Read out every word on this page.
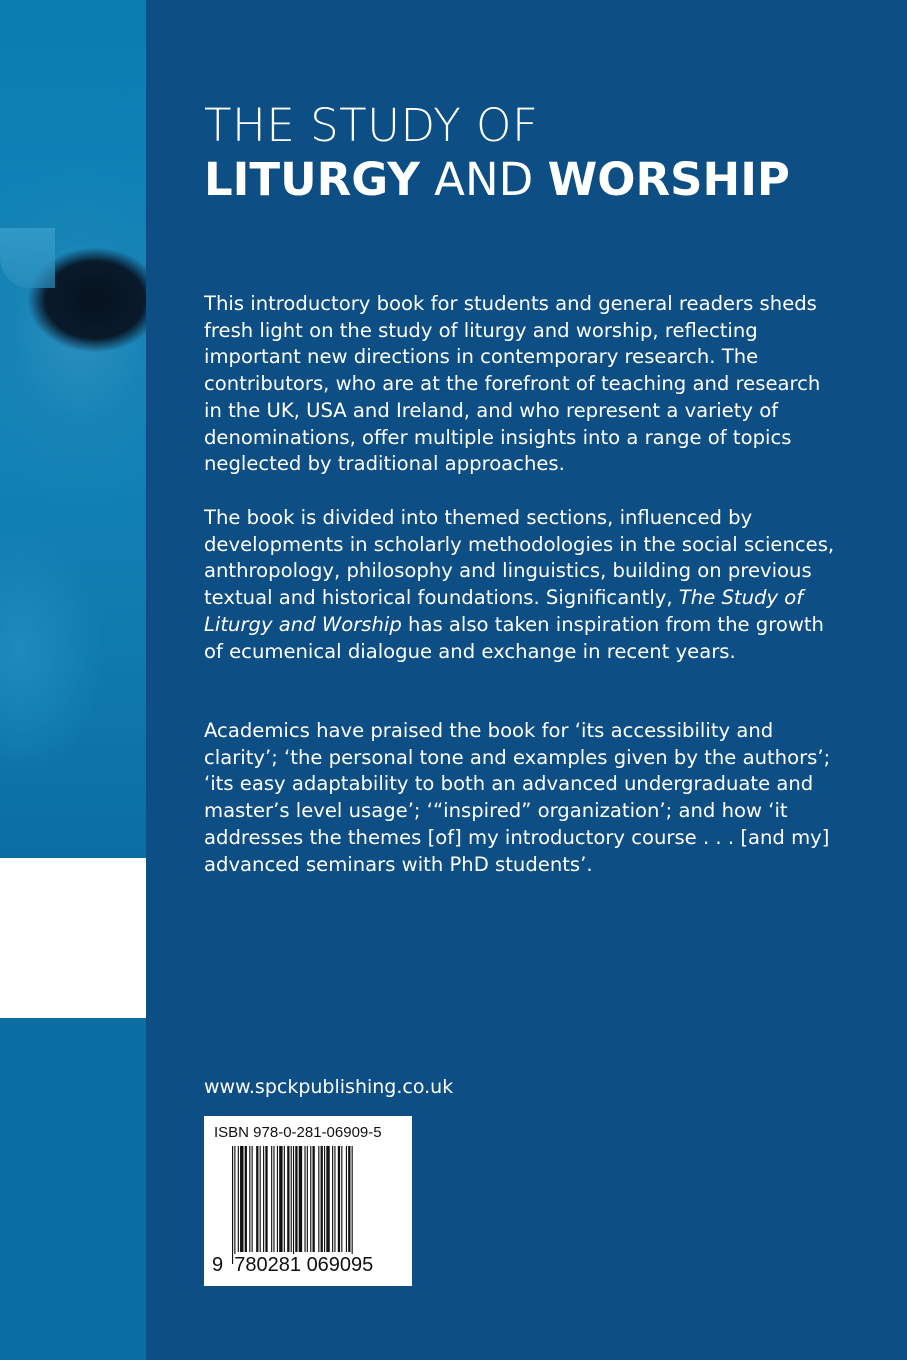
THE STUDY OF
LITURGY AND WORSHIP

This introductory book for students and general readers sheds fresh light on the study of liturgy and worship, reflecting important new directions in contemporary research. The contributors, who are at the forefront of teaching and research in the UK, USA and Ireland, and who represent a variety of denominations, offer multiple insights into a range of topics neglected by traditional approaches.

The book is divided into themed sections, influenced by developments in scholarly methodologies in the social sciences, anthropology, philosophy and linguistics, building on previous textual and historical foundations. Significantly, The Study of Liturgy and Worship has also taken inspiration from the growth of ecumenical dialogue and exchange in recent years.

Academics have praised the book for ‘its accessibility and clarity’; ‘the personal tone and examples given by the authors’; ‘its easy adaptability to both an advanced undergraduate and master’s level usage’; ‘“inspired” organization’; and how ‘it addresses the themes [of] my introductory course . . . [and my] advanced seminars with PhD students’.

www.spckpublishing.co.uk
ISBN 978-0-281-06909-5
9 780281 069095
